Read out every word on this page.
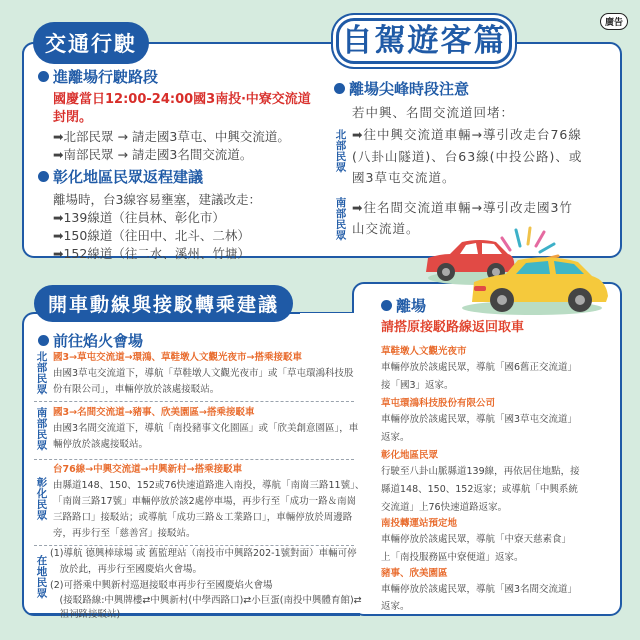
廣告
交通行駛
進離場行駛路段
國慶當日12:00-24:00國3南投‧中寮交流道
封閉。
➡北部民眾 → 請走國3草屯、中興交流道。
➡南部民眾 → 請走國3名間交流道。
彰化地區民眾返程建議
離場時，台3線容易壅塞，建議改走：
➡139線道（往員林、彰化市）
➡150線道（往田中、北斗、二林）
➡152線道（往二水、溪州、竹塘）
自駕遊客篇
離場尖峰時段注意
若中興、名間交流道回堵：
北部民眾
➡往中興交流道車輛→導引改走台76線
(八卦山隧道)、台63線(中投公路)、或
國3草屯交流道。
南部民眾
➡往名間交流道車輛→導引改走國3竹
山交流道。
開車動線與接駁轉乘建議
前往焰火會場
北部民眾
國3→草屯交流道→環鴻、草鞋墩人文觀光夜市→搭乘接駁車
由國3草屯交流道下，導航「草鞋墩人文觀光夜市」或「草屯環鴻科技股
份有限公司」，車輛停放於該處接駁站。
南部民眾
國3→名間交流道→豬事、欣美園區→搭乘接駁車
由國3名間交流道下，導航「南投豬事文化園區」或「欣美創意園區」，車
輛停放於該處接駁站。
彰化民眾
台76線→中興交流道→中興新村→搭乘接駁車
由縣道148、150、152或76快速道路進入南投，導航「南崗三路11號」、
「南崗三路17號」車輛停放於該2處停車場，再步行至「成功一路＆南崗
三路路口」接駁站；或導航「成功三路＆工業路口」，車輛停放於周邊路
旁，再步行至「慈善宮」接駁站。
在地民眾
(1)導航 德興棒球場 或 舊監理站（南投市中興路202-1號對面）車輛可停
　放於此，再步行至國慶焰火會場。
(2)可搭乘中興新村巡迴接駁車再步行至國慶焰火會場
　(接駁路線:中興牌樓⇄中興新村(中學西路口)⇄小巨蛋(南投中興體育館)⇄
　祖祠路接駁站)
離場
請搭原接駁路線返回取車
草鞋墩人文觀光夜市
車輛停放於該處民眾，導航「國6舊正交流道」
接「國3」返家。
草屯環鴻科技股份有限公司
車輛停放於該處民眾，導航「國3草屯交流道」
返家。
彰化地區民眾
行駛至八卦山脈縣道139線，再依居住地點，接
縣道148、150、152返家；或導航「中興系統
交流道」上76快速道路返家。
南投轉運站預定地
車輛停放於該處民眾，導航「中寮天慈素食」
上「南投服務區中寮便道」返家。
豬事、欣美園區
車輛停放於該處民眾，導航「國3名間交流道」
返家。
